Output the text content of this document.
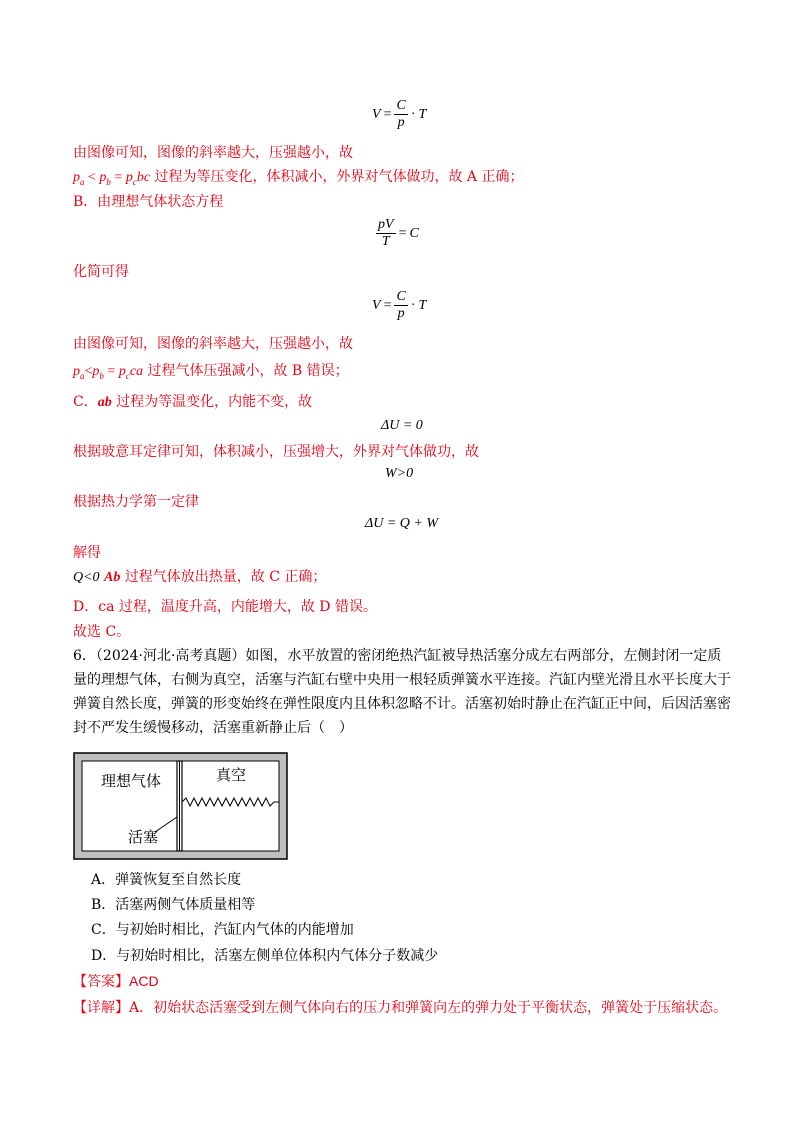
$V = \frac{C}{p} \cdot T$
由图像可知，图像的斜率越大，压强越小，故
$p_a < p_b = p_cbc$ 过程为等压变化，体积减小，外界对气体做功，故 A 正确；
B．由理想气体状态方程
$\frac{pV}{T} = C$
化简可得
$V = \frac{C}{p} \cdot T$
由图像可知，图像的斜率越大，压强越小，故
$p_a<p_b = p_cca$ 过程气体压强减小，故 B 错误；
C．ab 过程为等温变化，内能不变，故
ΔU = 0
根据玻意耳定律可知，体积减小，压强增大，外界对气体做功，故
W>0
根据热力学第一定律
ΔU = Q + W
解得
Q<0 Ab 过程气体放出热量，故 C 正确；
D．ca 过程，温度升高，内能增大，故 D 错误。
故选 C。
6．（2024·河北·高考真题）如图，水平放置的密闭绝热汽缸被导热活塞分成左右两部分，左侧封闭一定质量的理想气体，右侧为真空，活塞与汽缸右壁中央用一根轻质弹簧水平连接。汽缸内壁光滑且水平长度大于弹簧自然长度，弹簧的形变始终在弹性限度内且体积忽略不计。活塞初始时静止在汽缸正中间，后因活塞密封不严发生缓慢移动，活塞重新静止后（　）
理想气体	真空
活塞
A．弹簧恢复至自然长度
B．活塞两侧气体质量相等
C．与初始时相比，汽缸内气体的内能增加
D．与初始时相比，活塞左侧单位体积内气体分子数减少
【答案】ACD
【详解】A．初始状态活塞受到左侧气体向右的压力和弹簧向左的弹力处于平衡状态，弹簧处于压缩状态。
